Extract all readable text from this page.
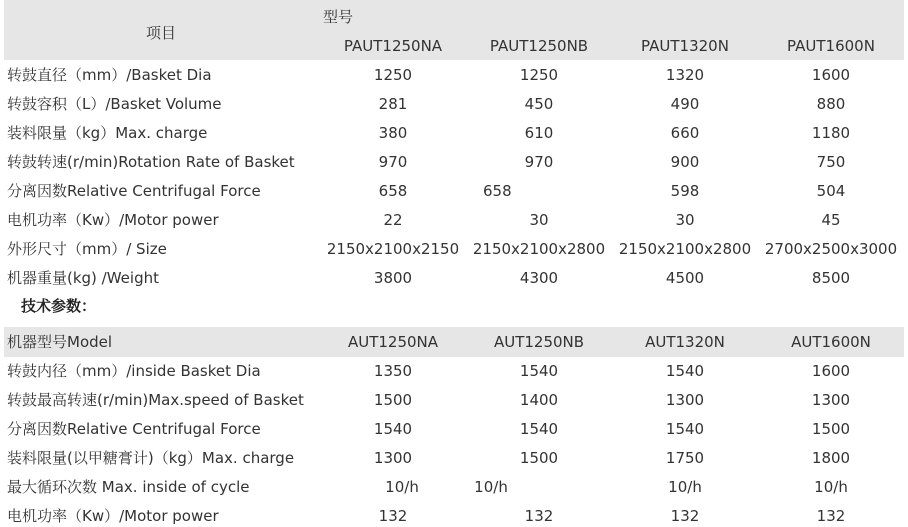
项目
型号
PAUT1250NA	PAUT1250NB	PAUT1320N	PAUT1600N
转鼓直径（mm）/Basket Dia	1250	1250	1320	1600
转鼓容积（L）/Basket Volume	281	450	490	880
装料限量（kg）Max. charge	380	610	660	1180
转鼓转速(r/min)Rotation Rate of Basket	970	970	900	750
分离因数Relative Centrifugal Force	658	658	598	504
电机功率（Kw）/Motor power	22	30	30	45
外形尺寸（mm）/ Size	2150x2100x2150 2150x2100x2800 2150x2100x2800 2700x2500x3000
机器重量(kg) /Weight	3800	4300	4500	8500
技术参数：
机器型号Model	AUT1250NA	AUT1250NB	AUT1320N	AUT1600N
转鼓内径（mm）/inside Basket Dia	1350	1540	1540	1600
转鼓最高转速(r/min)Max.speed of Basket	1500	1400	1300	1300
分离因数Relative Centrifugal Force	1540	1540	1540	1500
装料限量(以甲糖膏计)（kg）Max. charge	1300	1500	1750	1800
最大循环次数 Max. inside of cycle	10/h	10/h	10/h	10/h
电机功率（Kw）/Motor power	132	132	132	132
